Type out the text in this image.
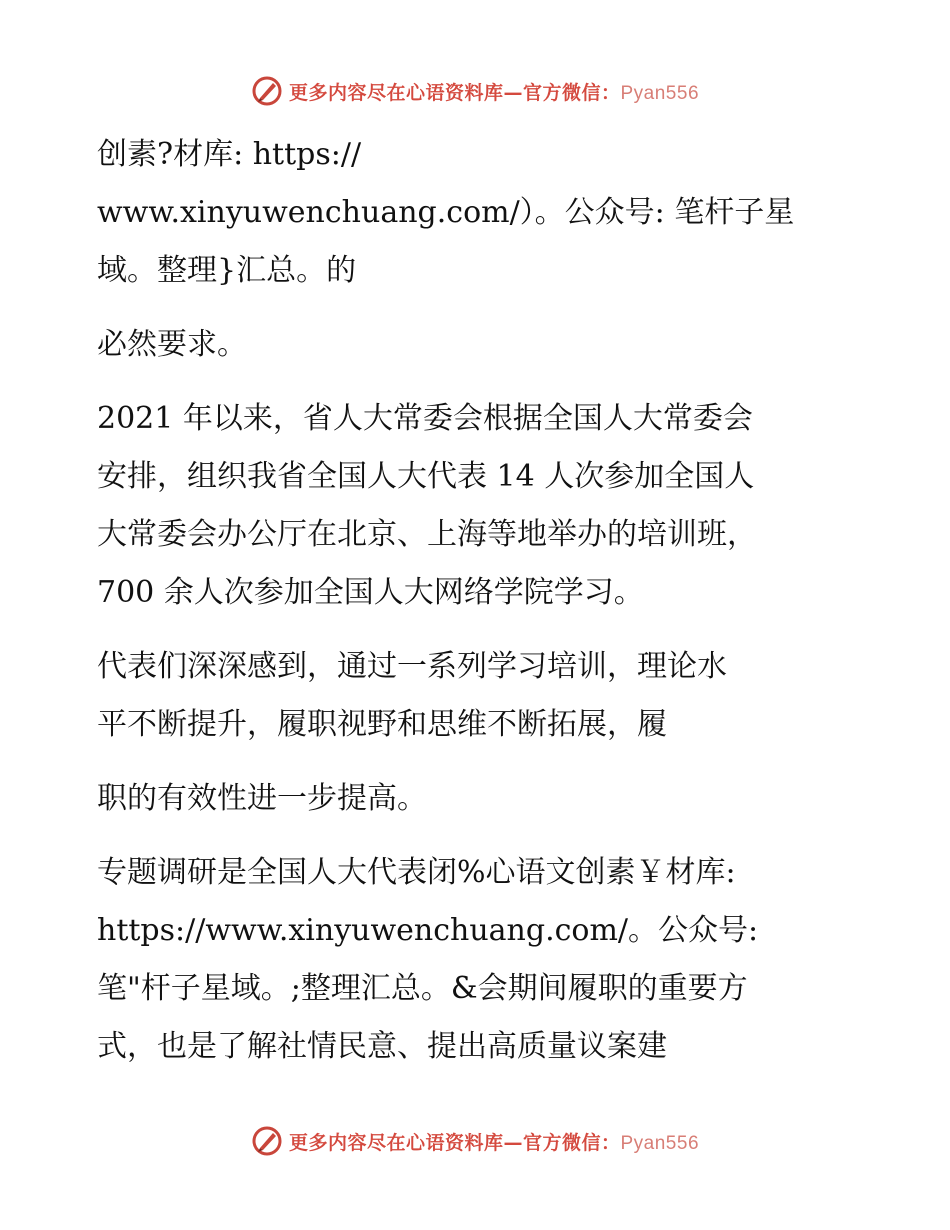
更多内容尽在心语资料库—官方微信：Pyan556
创素?材库: https://
www.xinyuwenchuang.com/）。公众号: 笔杆子星
域。整理}汇总。的
必然要求。
2021 年以来，省人大常委会根据全国人大常委会
安排，组织我省全国人大代表 14 人次参加全国人
大常委会办公厅在北京、上海等地举办的培训班，
700 余人次参加全国人大网络学院学习。
代表们深深感到，通过一系列学习培训，理论水
平不断提升，履职视野和思维不断拓展，履
职的有效性进一步提高。
专题调研是全国人大代表闭%心语文创素￥材库:
https://www.xinyuwenchuang.com/。公众号:
笔"杆子星域。;整理汇总。&会期间履职的重要方
式，也是了解社情民意、提出高质量议案建
更多内容尽在心语资料库—官方微信：Pyan556
